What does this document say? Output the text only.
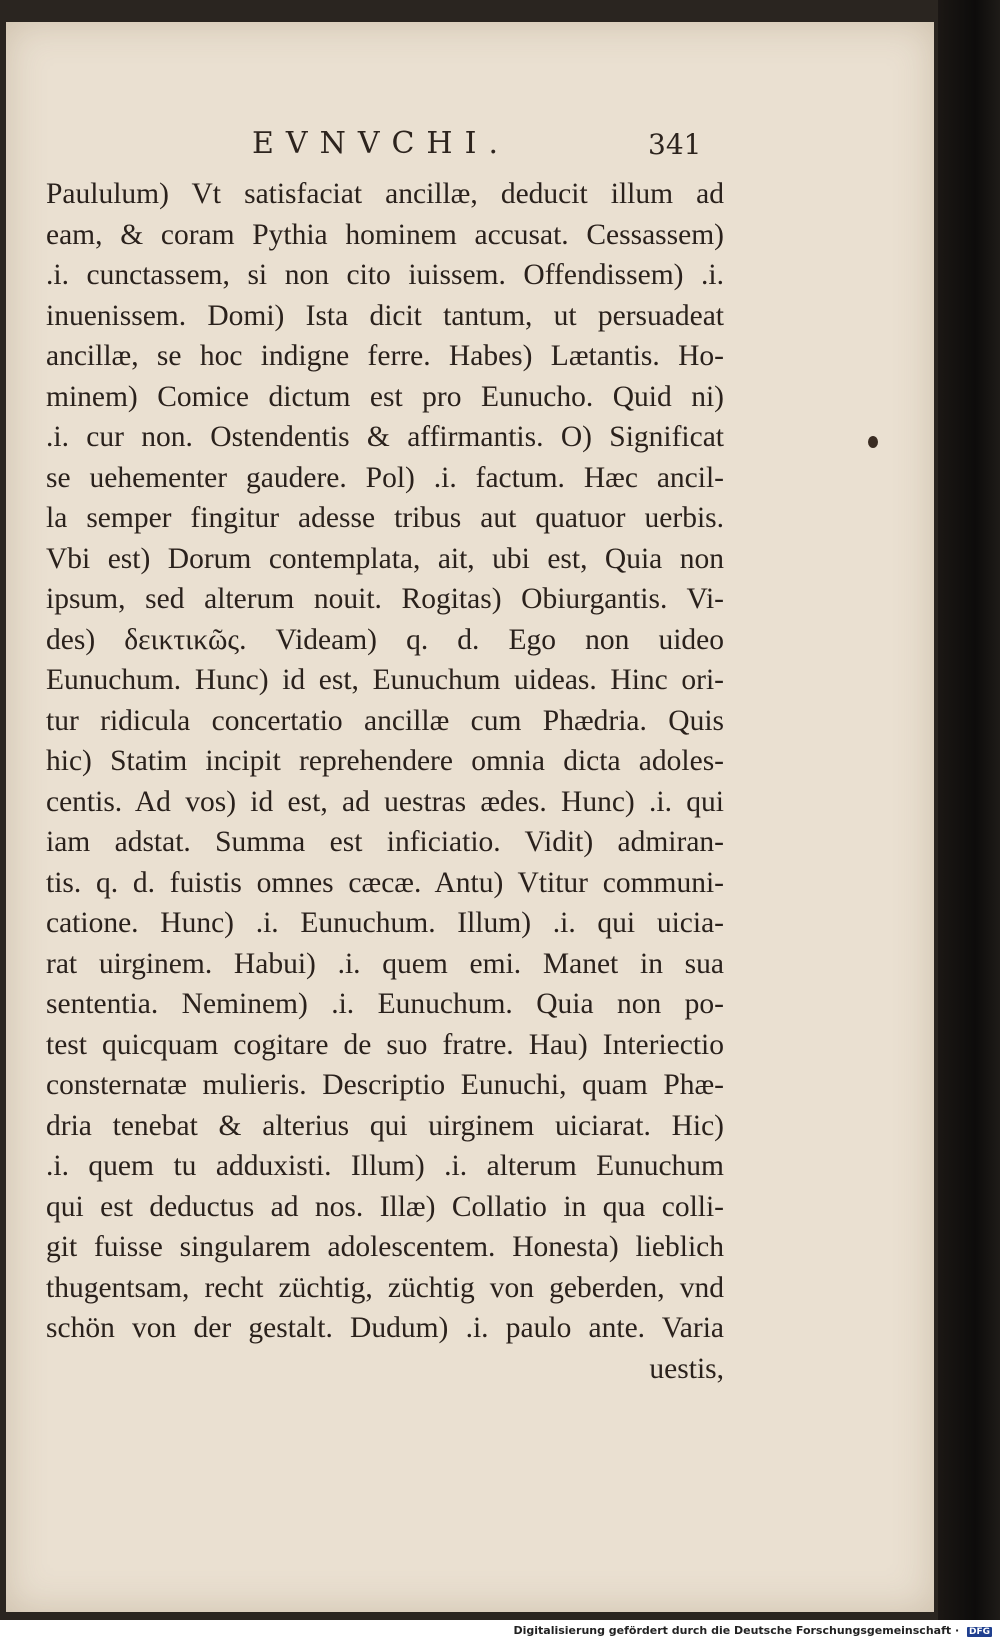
EVNVCHI.	341
Paululum) Vt satisfaciat ancillæ, deducit illum ad
eam, & coram Pythia hominem accusat. Cessassem)
.i. cunctassem, si non cito iuissem. Offendissem) .i.
inuenissem. Domi) Ista dicit tantum, ut persuadeat
ancillæ, se hoc indigne ferre. Habes) Lætantis. Ho-
minem) Comice dictum est pro Eunucho. Quid ni)
.i. cur non. Ostendentis & affirmantis. O) Significat
se uehementer gaudere. Pol) .i. factum. Hæc ancil-
la semper fingitur adesse tribus aut quatuor uerbis.
Vbi est) Dorum contemplata, ait, ubi est, Quia non
ipsum, sed alterum nouit. Rogitas) Obiurgantis. Vi-
des) δεικτικῶς. Videam) q. d. Ego non uideo
Eunuchum. Hunc) id est, Eunuchum uideas. Hinc ori-
tur ridicula concertatio ancillæ cum Phædria. Quis
hic) Statim incipit reprehendere omnia dicta adoles-
centis. Ad vos) id est, ad uestras ædes. Hunc) .i. qui
iam adstat. Summa est inficiatio. Vidit) admiran-
tis. q. d. fuistis omnes cæcæ. Antu) Vtitur communi-
catione. Hunc) .i. Eunuchum. Illum) .i. qui uicia-
rat uirginem. Habui) .i. quem emi. Manet in sua
sententia. Neminem) .i. Eunuchum. Quia non po-
test quicquam cogitare de suo fratre. Hau) Interiectio
consternatæ mulieris. Descriptio Eunuchi, quam Phæ-
dria tenebat & alterius qui uirginem uiciarat. Hic)
.i. quem tu adduxisti. Illum) .i. alterum Eunuchum
qui est deductus ad nos. Illæ) Collatio in qua colli-
git fuisse singularem adolescentem. Honesta) lieblich
thugentsam, recht züchtig, züchtig von geberden, vnd
schön von der gestalt. Dudum) .i. paulo ante. Varia
uestis,
Digitalisierung gefördert durch die Deutsche Forschungsgemeinschaft · DFG
